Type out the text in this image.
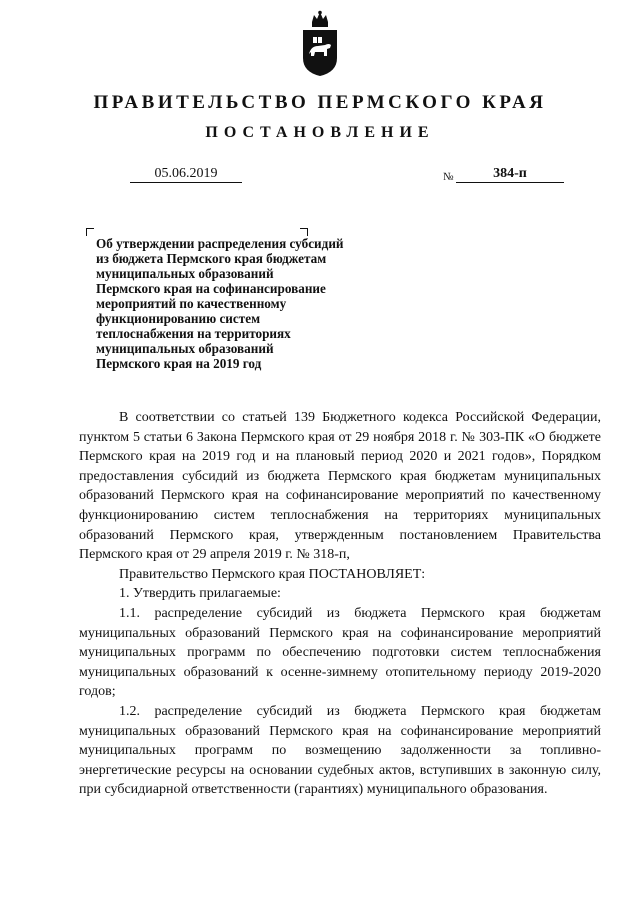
ПРАВИТЕЛЬСТВО ПЕРМСКОГО КРАЯ
ПОСТАНОВЛЕНИЕ
05.06.2019	№	384-п
Об утверждении распределения субсидий
из бюджета Пермского края бюджетам
муниципальных образований
Пермского края на софинансирование
мероприятий по качественному
функционированию систем
теплоснабжения на территориях
муниципальных образований
Пермского края на 2019 год

В соответствии со статьей 139 Бюджетного кодекса Российской Федерации, пунктом 5 статьи 6 Закона Пермского края от 29 ноября 2018 г. № 303-ПК «О бюджете Пермского края на 2019 год и на плановый период 2020 и 2021 годов», Порядком предоставления субсидий из бюджета Пермского края бюджетам муниципальных образований Пермского края на софинансирование мероприятий по качественному функционированию систем теплоснабжения на территориях муниципальных образований Пермского края, утвержденным постановлением Правительства Пермского края от 29 апреля 2019 г. № 318-п,

Правительство Пермского края ПОСТАНОВЛЯЕТ:

1. Утвердить прилагаемые:

1.1. распределение субсидий из бюджета Пермского края бюджетам муниципальных образований Пермского края на софинансирование мероприятий муниципальных программ по обеспечению подготовки систем теплоснабжения муниципальных образований к осенне-зимнему отопительному периоду 2019-2020 годов;

1.2. распределение субсидий из бюджета Пермского края бюджетам муниципальных образований Пермского края на софинансирование мероприятий муниципальных программ по возмещению задолженности за топливно-энергетические ресурсы на основании судебных актов, вступивших в законную силу, при субсидиарной ответственности (гарантиях) муниципального образования.
